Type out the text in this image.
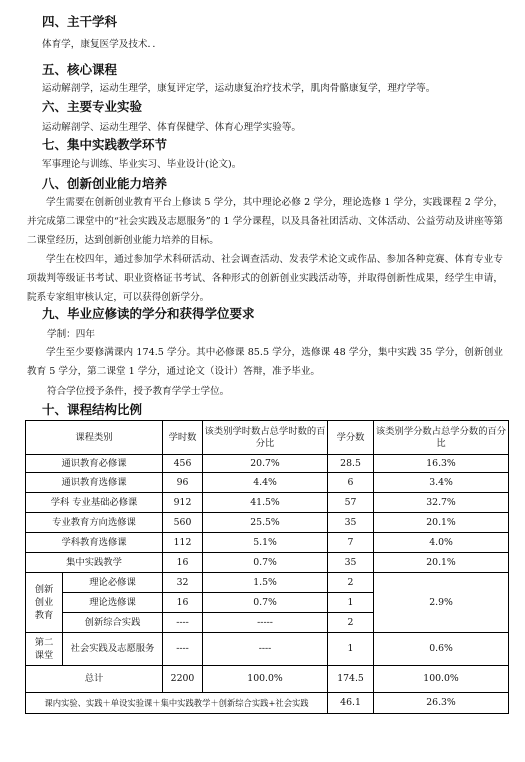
四、主干学科
体育学，康复医学及技术．．
五、核心课程
运动解剖学，运动生理学，康复评定学，运动康复治疗技术学，肌肉骨骼康复学，理疗学等。
六、主要专业实验
运动解剖学、运动生理学、体育保健学、体育心理学实验等。
七、集中实践教学环节
军事理论与训练、毕业实习、毕业设计(论文)。
八、创新创业能力培养
学生需要在创新创业教育平台上修读 5 学分，其中理论必修 2 学分，理论选修 1 学分，实践课程 2 学分，并完成第二课堂中的“社会实践及志愿服务”的 1 学分课程，以及具备社团活动、文体活动、公益劳动及讲座等第二课堂经历，达到创新创业能力培养的目标。
学生在校四年，通过参加学术科研活动、社会调查活动、发表学术论文或作品、参加各种竞赛、体育专业专项裁判等级证书考试、职业资格证书考试、各种形式的创新创业实践活动等，并取得创新性成果，经学生申请，院系专家组审核认定，可以获得创新学分。
九、毕业应修读的学分和获得学位要求
学制：四年
学生至少要修满课内 174.5 学分。其中必修课 85.5 学分，选修课 48 学分，集中实践 35 学分，创新创业教育 5 学分，第二课堂 1 学分，通过论文（设计）答辩，准予毕业。
符合学位授予条件，授予教育学学士学位。
十、课程结构比例
课程类别		学时数	该类别学时数占总学时数的百分比	学分数	该类别学分数占总学分数的百分比
通识教育必修课		456	20.7%	28.5	16.3%
通识教育选修课		96	4.4%	6	3.4%
学科 专业基础必修课		912	41.5%	57	32.7%
专业教育方向选修课		560	25.5%	35	20.1%
学科教育选修课		112	5.1%	7	4.0%
集中实践教学		16	0.7%	35	20.1%

创新创业教育	理论必修课	32	1.5%	2	2.9%
	理论选修课	16	0.7%	1	
	创新综合实践	----	-----	2	

第二课堂	社会实践及志愿服务	----	----	1	0.6%
总计		2200	100.0%	174.5	100.0%
课内实验、实践＋单设实验课＋集中实践教学＋创新综合实践+社会实践				46.1	26.3%
